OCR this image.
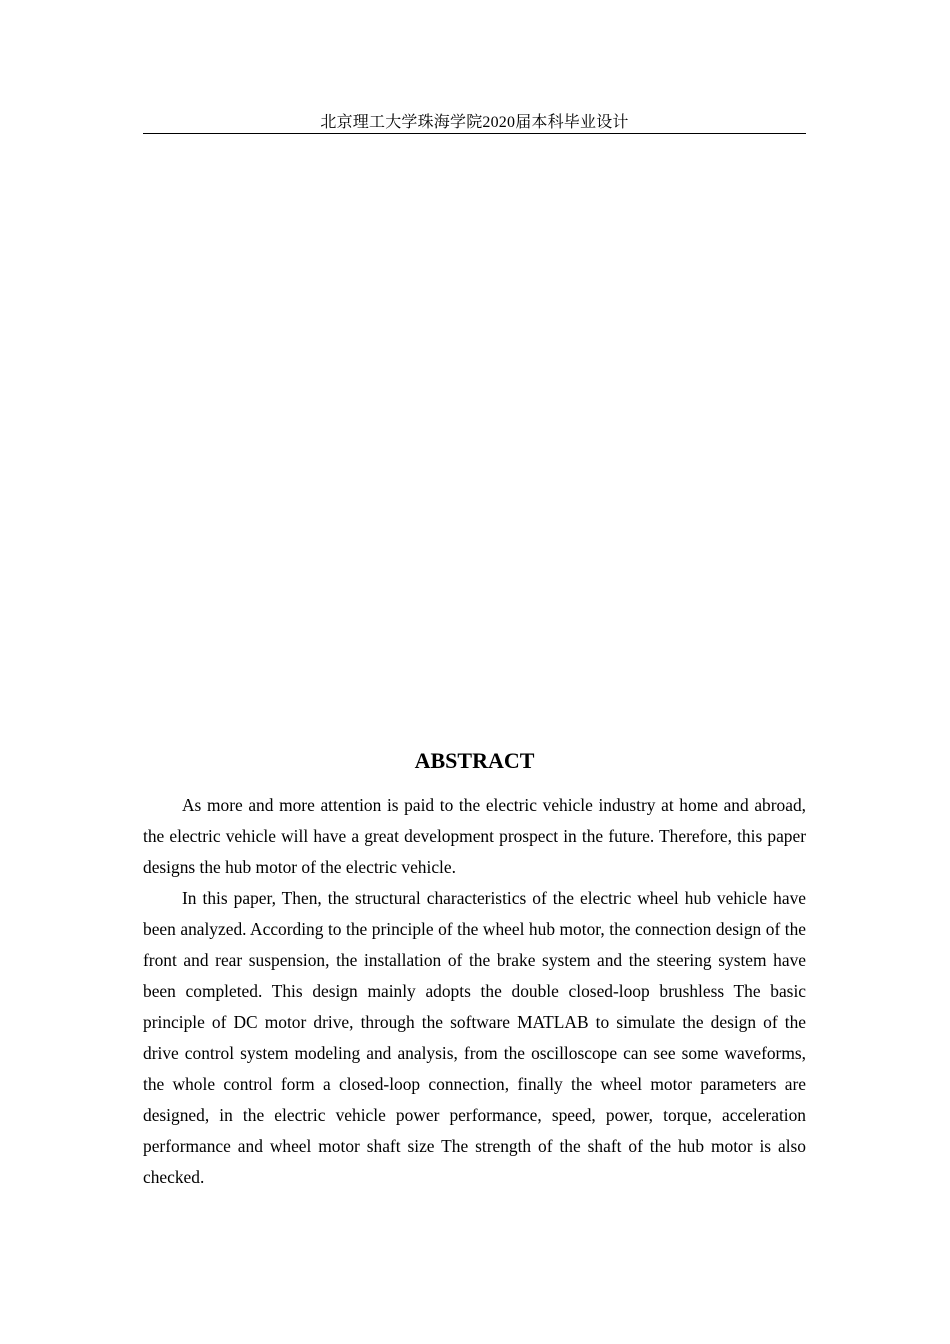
北京理工大学珠海学院2020届本科毕业设计
ABSTRACT

As more and more attention is paid to the electric vehicle industry at home and abroad, the electric vehicle will have a great development prospect in the future. Therefore, this paper designs the hub motor of the electric vehicle.

In this paper, Then, the structural characteristics of the electric wheel hub vehicle have been analyzed. According to the principle of the wheel hub motor, the connection design of the front and rear suspension, the installation of the brake system and the steering system have been completed. This design mainly adopts the double closed-loop brushless The basic principle of DC motor drive, through the software MATLAB to simulate the design of the drive control system modeling and analysis, from the oscilloscope can see some waveforms, the whole control form a closed-loop connection, finally the wheel motor parameters are designed, in the electric vehicle power performance, speed, power, torque, acceleration performance and wheel motor shaft size The strength of the shaft of the hub motor is also checked.
